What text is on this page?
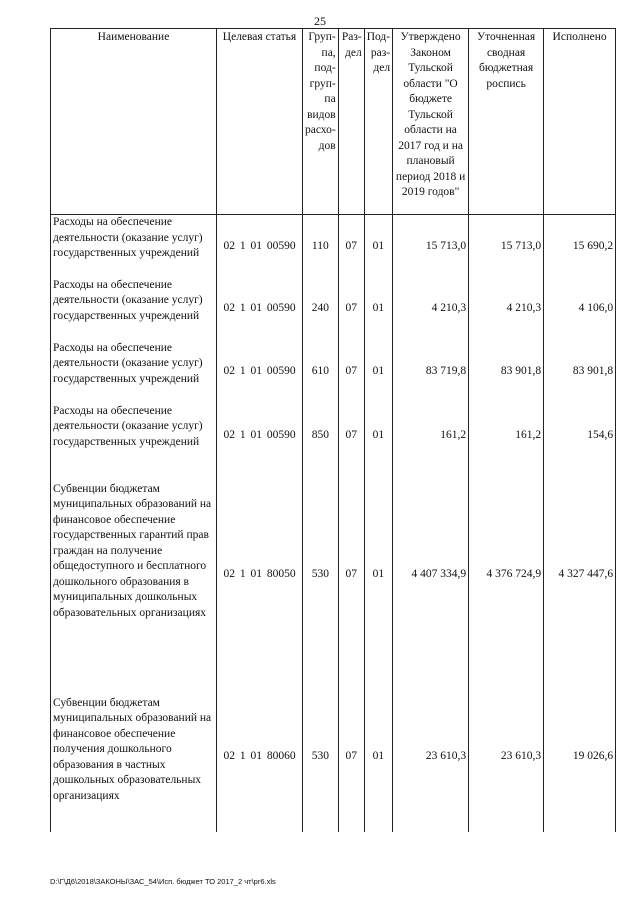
25
Наименование	Целевая статья	Груп-па, под-груп-па видов расхо-дов	Раз-дел	Под-раз-дел	Утверждено Законом Тульской области "О бюджете Тульской области на 2017 год и на плановый период 2018 и 2019 годов"	Уточненная сводная бюджетная роспись	Исполнено
Расходы на обеспечение деятельности (оказание услуг) государственных учреждений	02 1 01 00590	110	07	01	15 713,0	15 713,0	15 690,2
Расходы на обеспечение деятельности (оказание услуг) государственных учреждений	02 1 01 00590	240	07	01	4 210,3	4 210,3	4 106,0
Расходы на обеспечение деятельности (оказание услуг) государственных учреждений	02 1 01 00590	610	07	01	83 719,8	83 901,8	83 901,8
Расходы на обеспечение деятельности (оказание услуг) государственных учреждений	02 1 01 00590	850	07	01	161,2	161,2	154,6
Субвенции бюджетам муниципальных образований на финансовое обеспечение государственных гарантий прав граждан на получение общедоступного и бесплатного дошкольного образования в муниципальных дошкольных образовательных организациях	02 1 01 80050	530	07	01	4 407 334,9	4 376 724,9	4 327 447,6
Субвенции бюджетам муниципальных образований на финансовое обеспечение получения дошкольного образования в частных дошкольных образовательных организациях	02 1 01 80060	530	07	01	23 610,3	23 610,3	19 026,6
D:\Г\Д6\2018\ЗАКОНЫ\ЗАС_54\Исп. бюджет ТО 2017_2 чт\pr6.xls
